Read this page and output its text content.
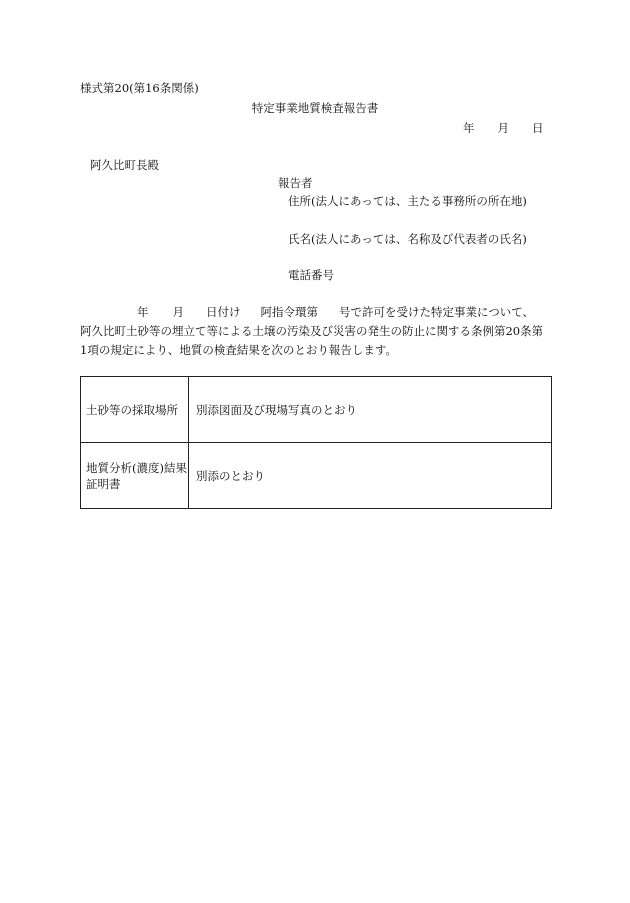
様式第20(第16条関係)
特定事業地質検査報告書
年 月 日
阿久比町長殿
報告者
住所(法人にあっては、主たる事務所の所在地)
氏名(法人にあっては、名称及び代表者の氏名)
電話番号
年 月 日付け 阿指令環第 号で許可を受けた特定事業について、
阿久比町土砂等の埋立て等による土壌の汚染及び災害の発生の防止に関する条例第20条第
1項の規定により、地質の検査結果を次のとおり報告します。
土砂等の採取場所	別添図面及び現場写真のとおり
地質分析(濃度)結果証明書	別添のとおり
